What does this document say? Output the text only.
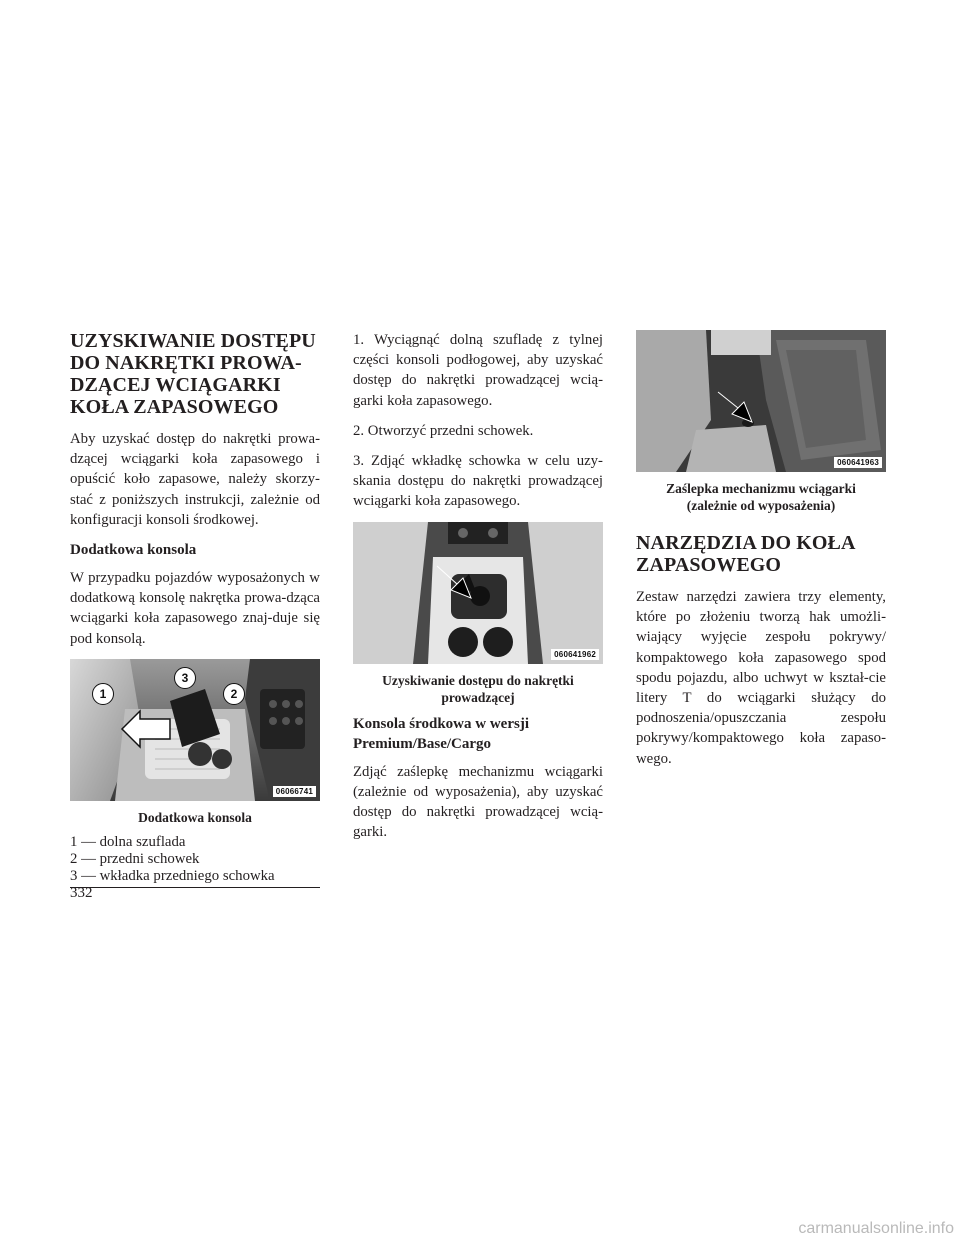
UZYSKIWANIE DOSTĘPU DO NAKRĘTKI PROWA-DZĄCEJ WCIĄGARKI KOŁA ZAPASOWEGO

Aby uzyskać dostęp do nakrętki prowa-dzącej wciągarki koła zapasowego i opuścić koło zapasowe, należy skorzy-stać z poniższych instrukcji, zależnie od konfiguracji konsoli środkowej.

Dodatkowa konsola

W przypadku pojazdów wyposażonych w dodatkową konsolę nakrętka prowa-dząca wciągarki koła zapasowego znaj-duje się pod konsolą.

1
3
2
06066741
Dodatkowa konsola
1 — dolna szuflada
2 — przedni schowek
3 — wkładka przedniego schowka

1. Wyciągnąć dolną szufladę z tylnej części konsoli podłogowej, aby uzyskać dostęp do nakrętki prowadzącej wcią-garki koła zapasowego.

2. Otworzyć przedni schowek.

3. Zdjąć wkładkę schowka w celu uzy-skania dostępu do nakrętki prowadzącej wciągarki koła zapasowego.

060641962
Uzyskiwanie dostępu do nakrętki prowadzącej
Konsola środkowa w wersji Premium/Base/Cargo

Zdjąć zaślepkę mechanizmu wciągarki (zależnie od wyposażenia), aby uzyskać dostęp do nakrętki prowadzącej wcią-garki.

060641963
Zaślepka mechanizmu wciągarki (zależnie od wyposażenia)
NARZĘDZIA DO KOŁA ZAPASOWEGO

Zestaw narzędzi zawiera trzy elementy, które po złożeniu tworzą hak umożli-wiający wyjęcie zespołu pokrywy/ kompaktowego koła zapasowego spod spodu pojazdu, albo uchwyt w kształ-cie litery T do wciągarki służący do podnoszenia/opuszczania zespołu pokrywy/kompaktowego koła zapaso-wego.

332
carmanualsonline.info
